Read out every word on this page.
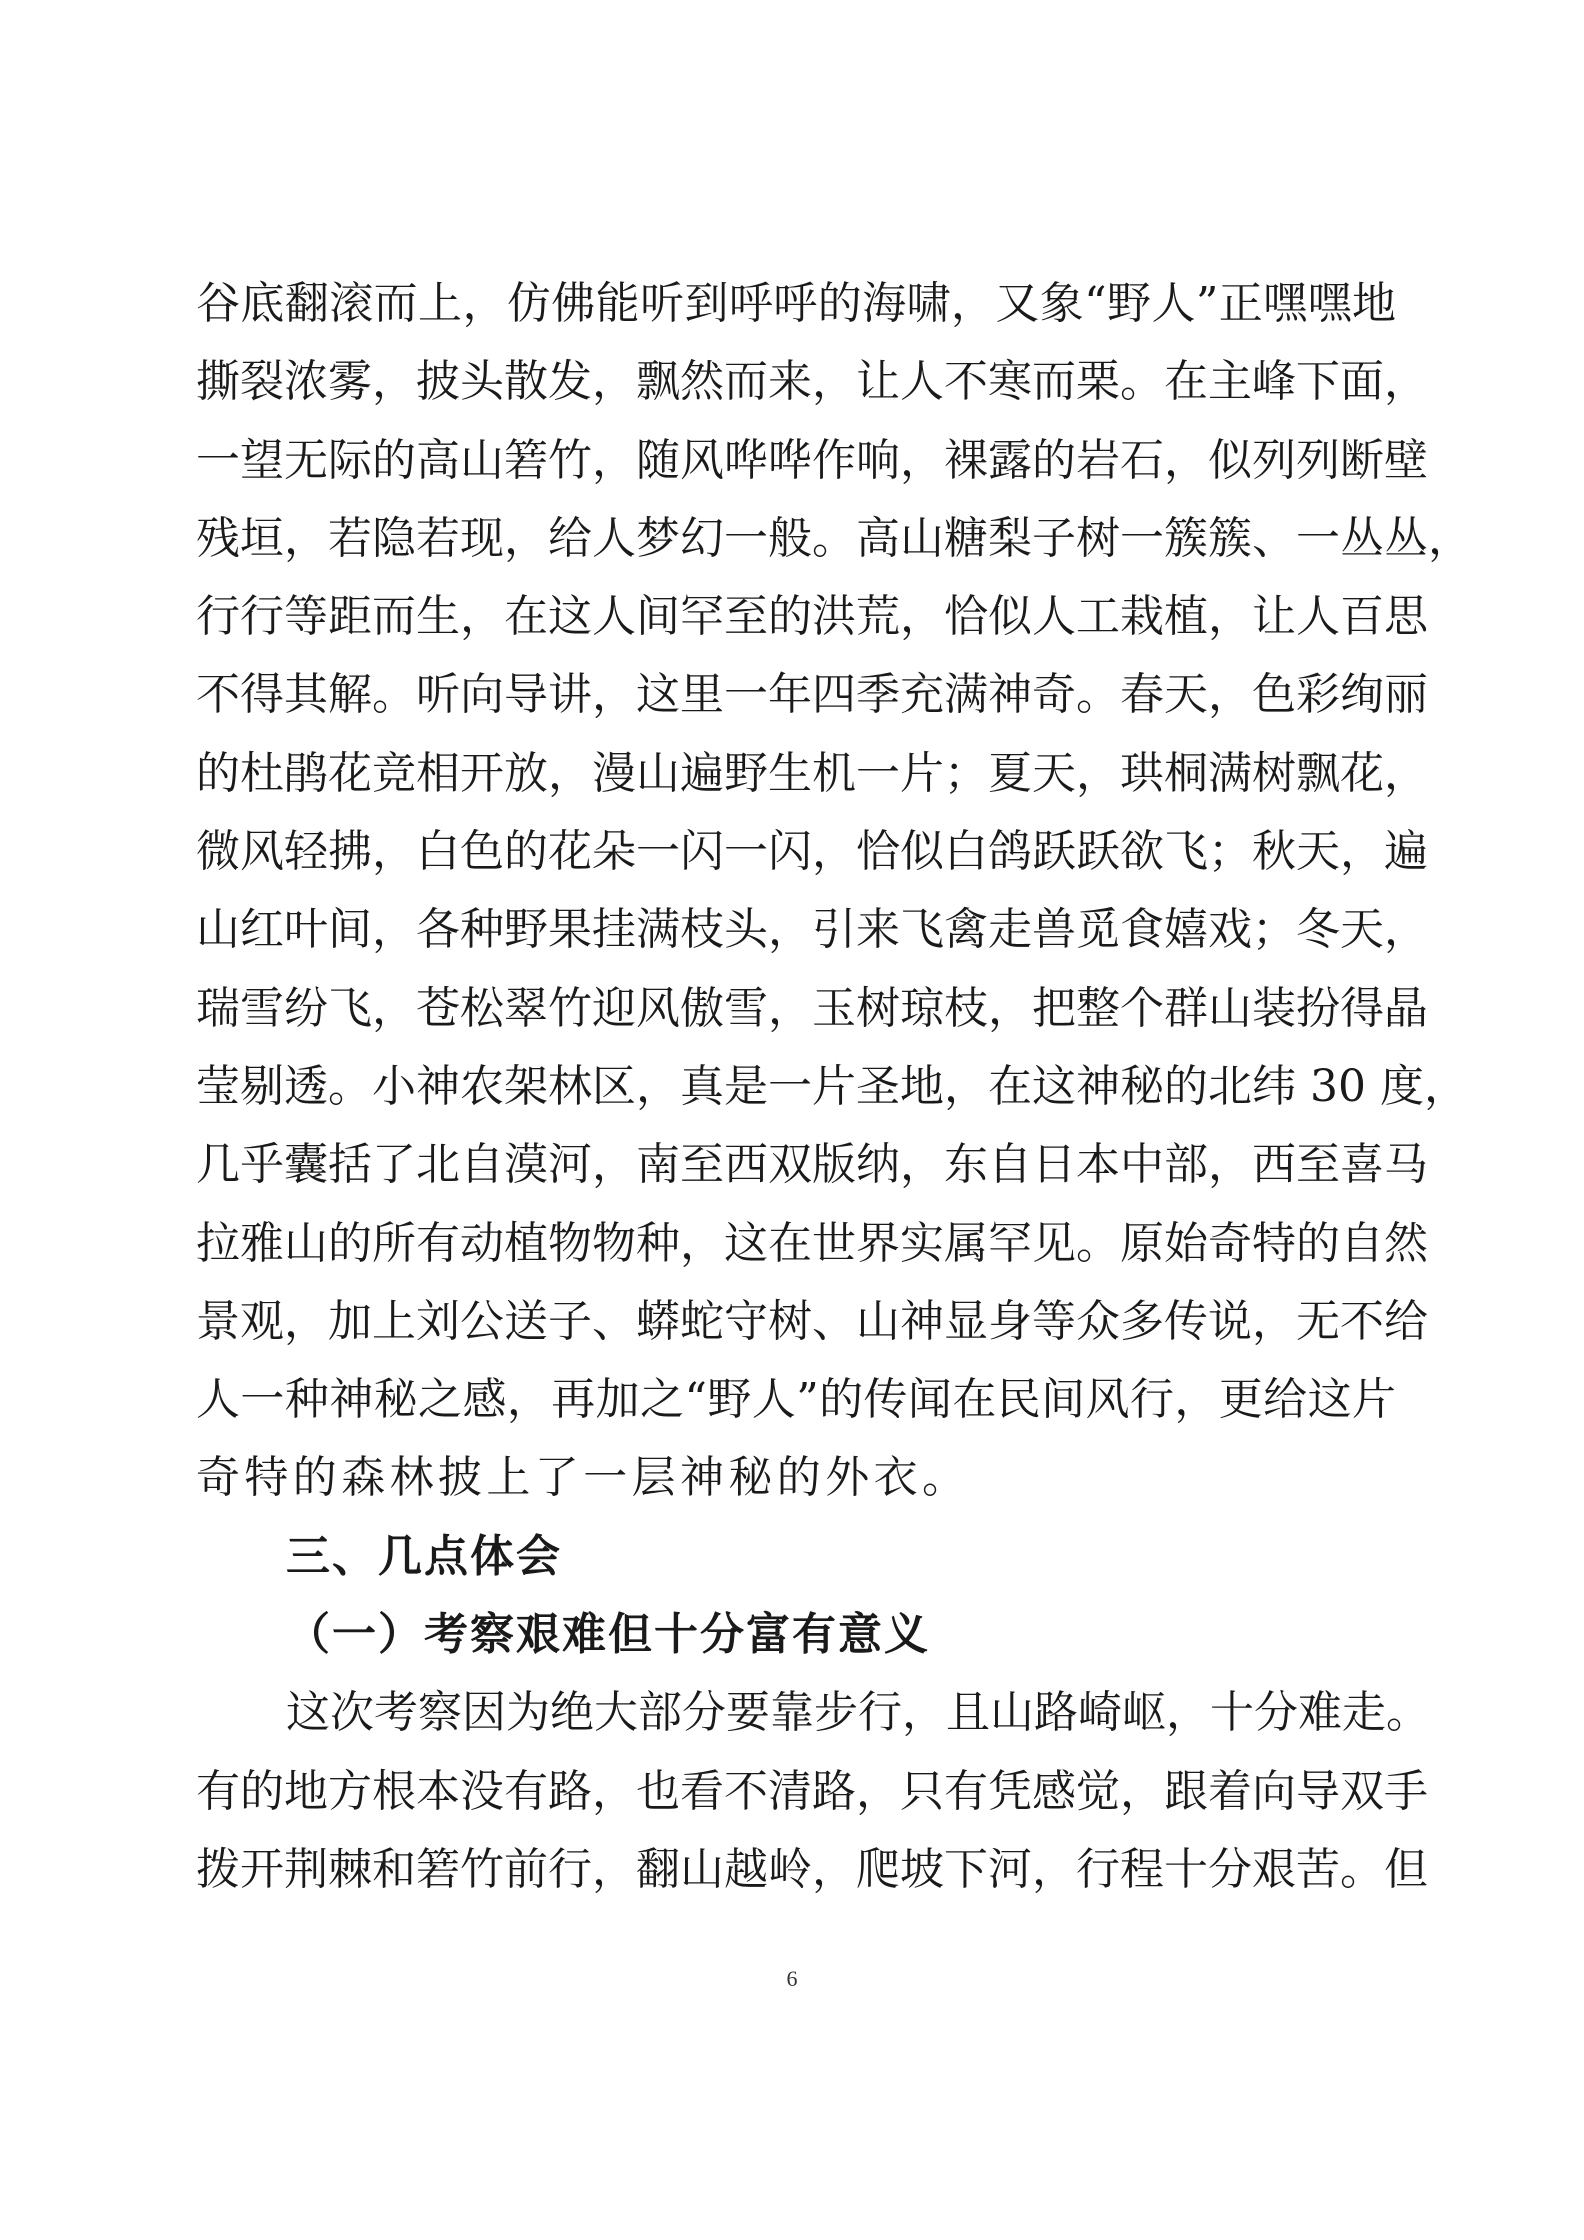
谷底翻滚而上，仿佛能听到呼呼的海啸，又象“野人”正嘿嘿地
撕裂浓雾，披头散发，飘然而来，让人不寒而栗。在主峰下面，
一望无际的高山箬竹，随风哗哗作响，裸露的岩石，似列列断壁
残垣，若隐若现，给人梦幻一般。高山糖梨子树一簇簇、一丛丛，
行行等距而生，在这人间罕至的洪荒，恰似人工栽植，让人百思
不得其解。听向导讲，这里一年四季充满神奇。春天，色彩绚丽
的杜鹃花竞相开放，漫山遍野生机一片；夏天，珙桐满树飘花，
微风轻拂，白色的花朵一闪一闪，恰似白鸽跃跃欲飞；秋天，遍
山红叶间，各种野果挂满枝头，引来飞禽走兽觅食嬉戏；冬天，
瑞雪纷飞，苍松翠竹迎风傲雪，玉树琼枝，把整个群山装扮得晶
莹剔透。小神农架林区，真是一片圣地，在这神秘的北纬 30 度，
几乎囊括了北自漠河，南至西双版纳，东自日本中部，西至喜马
拉雅山的所有动植物物种，这在世界实属罕见。原始奇特的自然
景观，加上刘公送子、蟒蛇守树、山神显身等众多传说，无不给
人一种神秘之感，再加之“野人”的传闻在民间风行，更给这片
奇特的森林披上了一层神秘的外衣。
三、几点体会
（一）考察艰难但十分富有意义
这次考察因为绝大部分要靠步行，且山路崎岖，十分难走。
有的地方根本没有路，也看不清路，只有凭感觉，跟着向导双手
拨开荆棘和箬竹前行，翻山越岭，爬坡下河，行程十分艰苦。但
6
